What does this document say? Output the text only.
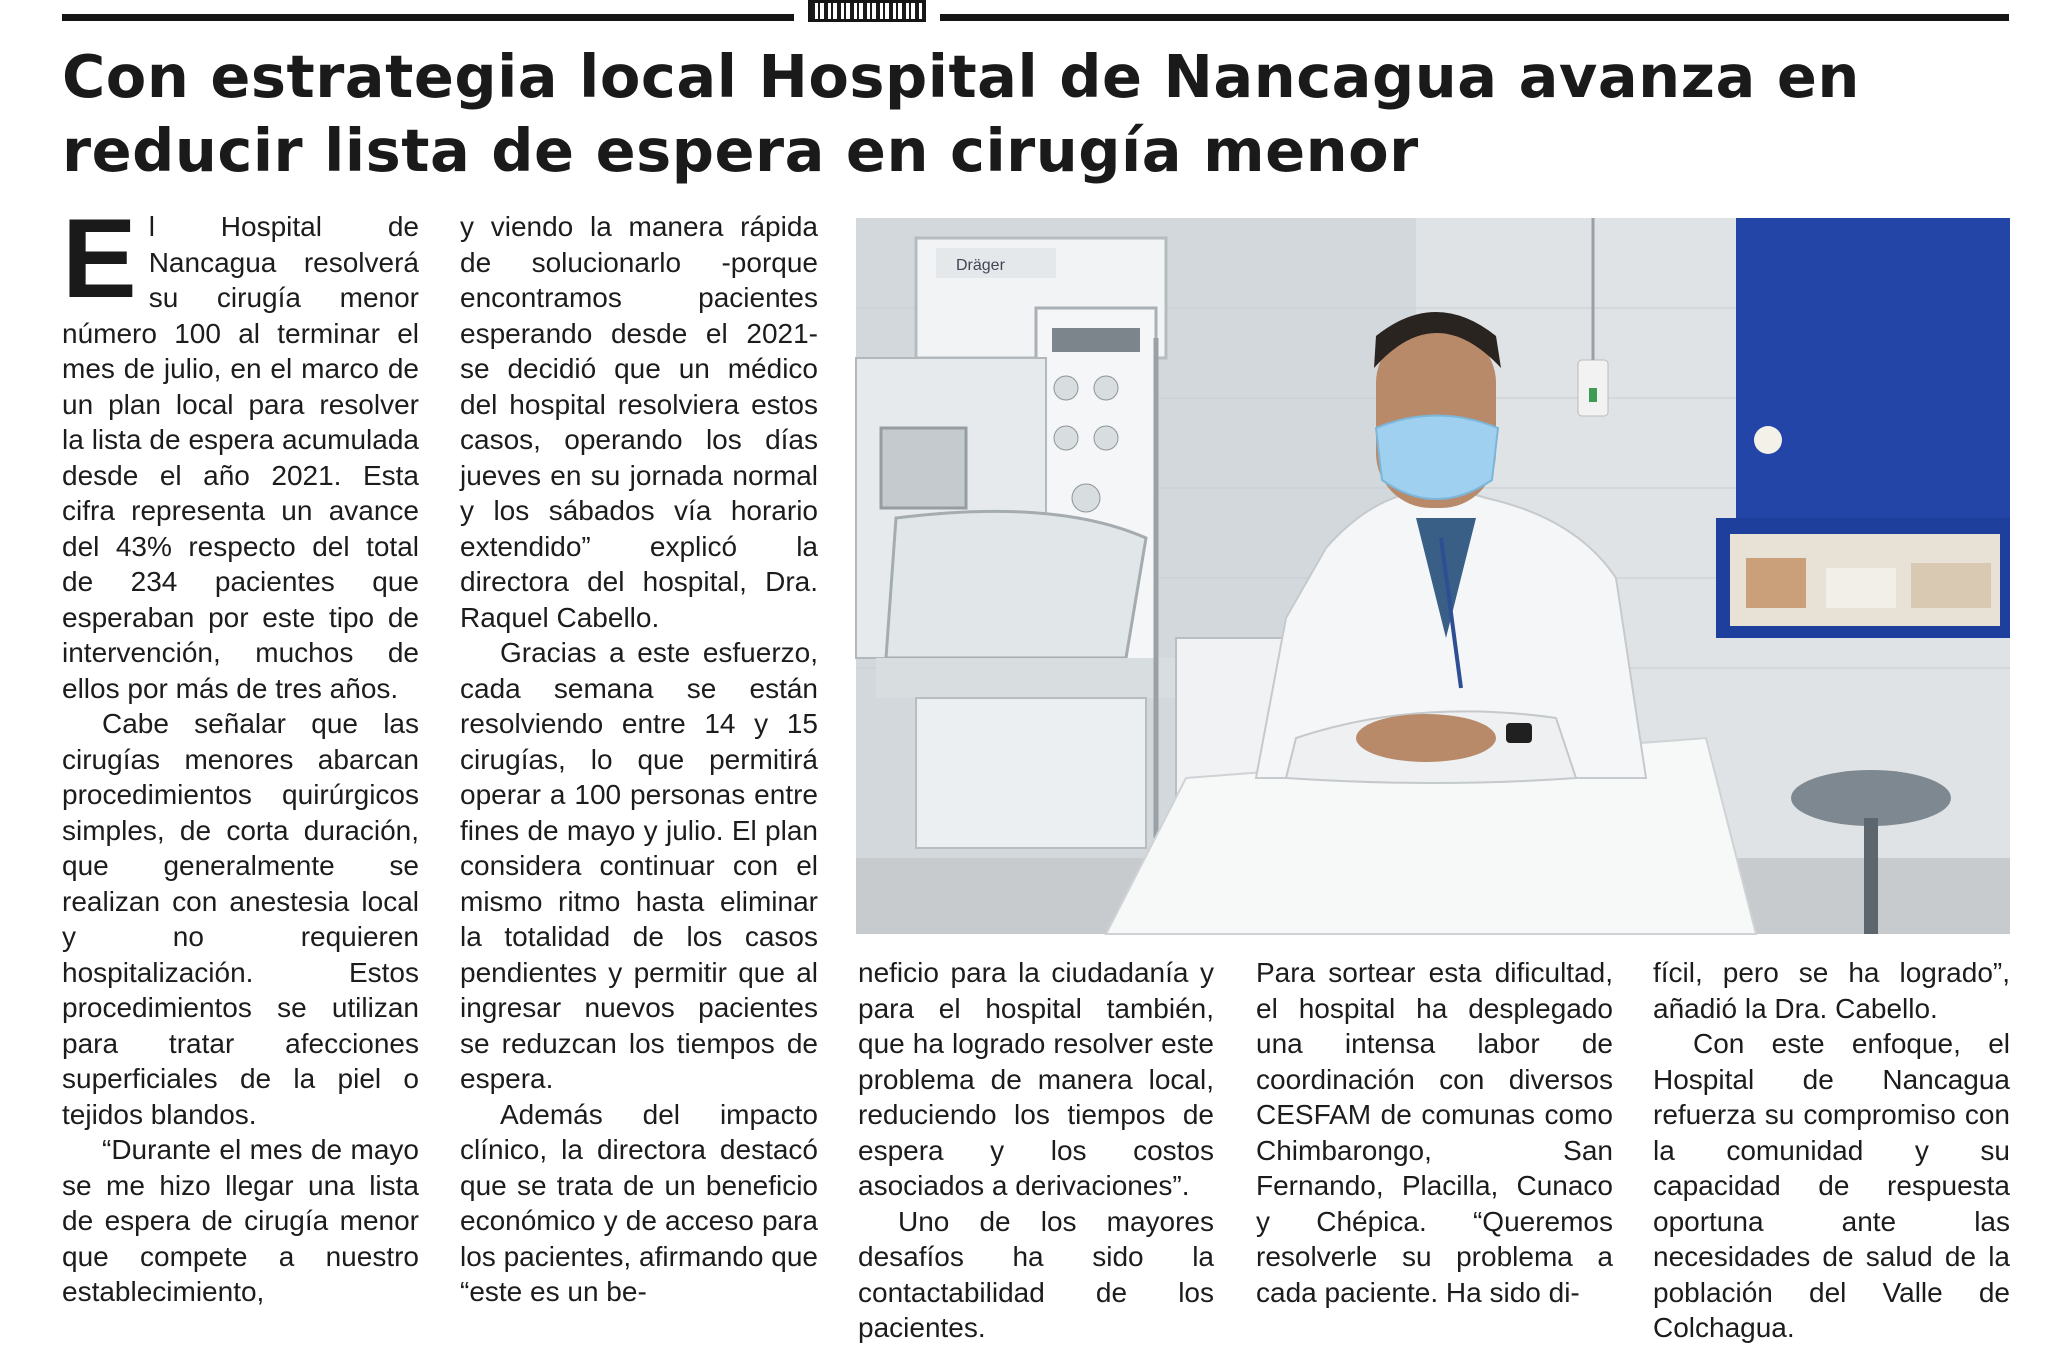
Con estrategia local Hospital de Nancagua avanza en reducir lista de espera en cirugía menor
E l Hospital de Nancagua resolverá su cirugía menor número 100 al terminar el mes de julio, en el marco de un plan local para resolver la lista de espera acumulada desde el año 2021. Esta cifra representa un avance del 43% respecto del total de 234 pacientes que esperaban por este tipo de intervención, muchos de ellos por más de tres años.

Cabe señalar que las cirugías menores abarcan procedimientos quirúrgicos simples, de corta duración, que generalmente se realizan con anestesia local y no requieren hospitalización. Estos procedimientos se utilizan para tratar afecciones superficiales de la piel o tejidos blandos.

“Durante el mes de mayo se me hizo llegar una lista de espera de cirugía menor que compete a nuestro establecimiento,

y viendo la manera rápida de solucionarlo -porque encontramos pacientes esperando desde el 2021- se decidió que un médico del hospital resolviera estos casos, operando los días jueves en su jornada normal y los sábados vía horario extendido” explicó la directora del hospital, Dra. Raquel Cabello.

Gracias a este esfuerzo, cada semana se están resolviendo entre 14 y 15 cirugías, lo que permitirá operar a 100 personas entre fines de mayo y julio. El plan considera continuar con el mismo ritmo hasta eliminar la totalidad de los casos pendientes y permitir que al ingresar nuevos pacientes se reduzcan los tiempos de espera.

Además del impacto clínico, la directora destacó que se trata de un beneficio económico y de acceso para los pacientes, afirmando que “este es un be-

Dräger

neficio para la ciudadanía y para el hospital también, que ha logrado resolver este problema de manera local, reduciendo los tiempos de espera y los costos asociados a derivaciones”.

Uno de los mayores desafíos ha sido la contactabilidad de los pacientes.

Para sortear esta dificultad, el hospital ha desplegado una intensa labor de coordinación con diversos CESFAM de comunas como Chimbarongo, San Fernando, Placilla, Cunaco y Chépica. “Queremos resolverle su problema a cada paciente. Ha sido di-

fícil, pero se ha logrado”, añadió la Dra. Cabello.

Con este enfoque, el Hospital de Nancagua refuerza su compromiso con la comunidad y su capacidad de respuesta oportuna ante las necesidades de salud de la población del Valle de Colchagua.
